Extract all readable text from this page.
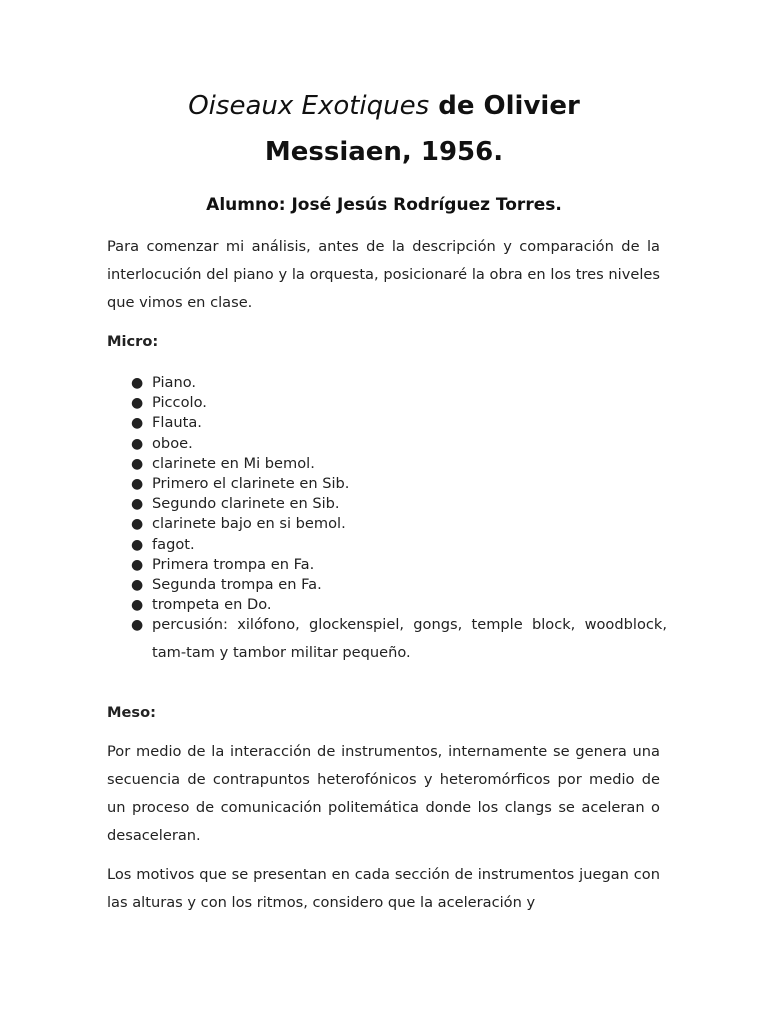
Oiseaux Exotiques de Olivier
Messiaen, 1956.

Alumno: José Jesús Rodríguez Torres.

Para comenzar mi análisis, antes de la descripción y comparación de la interlocución del piano y la orquesta, posicionaré la obra en los tres niveles que vimos en clase.

Micro:

● Piano.
● Piccolo.
● Flauta.
● oboe.
● clarinete en Mi bemol.
● Primero el clarinete en Sib.
● Segundo clarinete en Sib.
● clarinete bajo en si bemol.
● fagot.
● Primera trompa en Fa.
● Segunda trompa en Fa.
● trompeta en Do.
● percusión: xilófono, glockenspiel, gongs, temple block, woodblock, tam-tam y tambor militar pequeño.

Meso:

Por medio de la interacción de instrumentos, internamente se genera una secuencia de contrapuntos heterofónicos y heteromórficos por medio de un proceso de comunicación politemática donde los clangs se aceleran o desaceleran.

Los motivos que se presentan en cada sección de instrumentos juegan con las alturas y con los ritmos, considero que la aceleración y
